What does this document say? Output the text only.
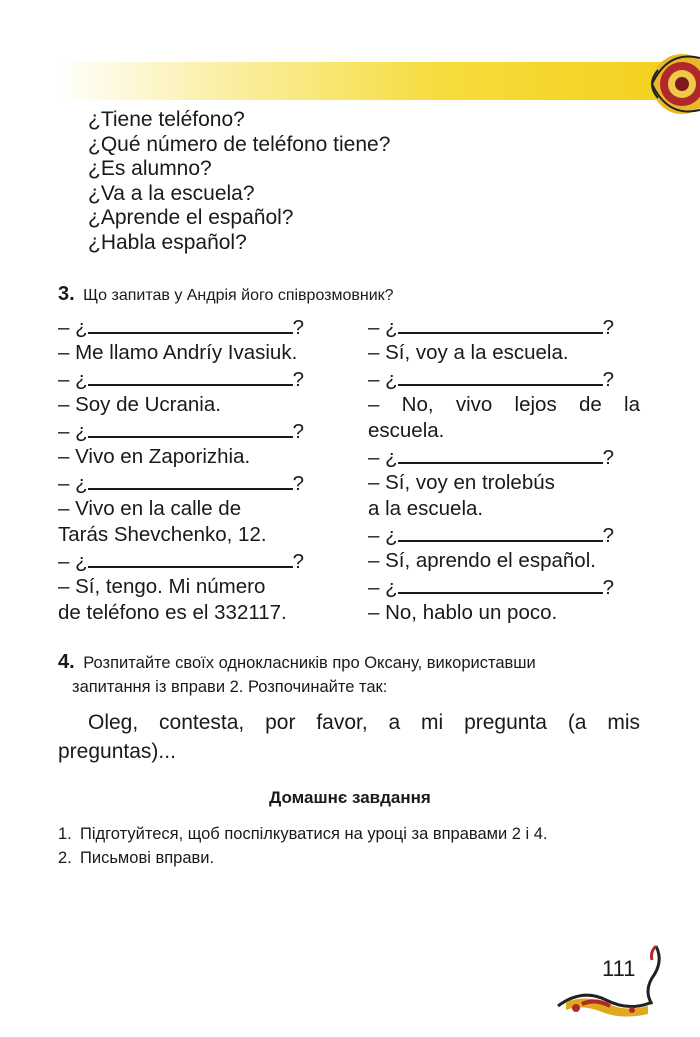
¿Tiene teléfono?
¿Qué número de teléfono tiene?
¿Es alumno?
¿Va a la escuela?
¿Aprende el español?
¿Habla español?
3. Що запитав у Андрія його співрозмовник?
– ¿	?
– Me llamo Andríy Ivasiuk.
– ¿	?
– Soy de Ucrania.
– ¿	?
– Vivo en Zaporizhia.
– ¿	?
– Vivo en la calle de
Tarás Shevchenko, 12.
– ¿	?
– Sí, tengo. Mi número
de teléfono es el 332117.
– ¿	?
– Sí, voy a la escuela.
– ¿	?
– No, vivo lejos de la
escuela.
– ¿	?
– Sí, voy en trolebús
a la escuela.
– ¿	?
– Sí, aprendo el español.
– ¿	?
– No, hablo un poco.
4. Розпитайте своїх однокласників про Оксану, використавши
запитання із вправи 2. Розпочинайте так:
Oleg, contesta, por favor, a mi pregunta (a mis preguntas)...
Домашнє завдання
1. Підготуйтеся, щоб поспілкуватися на уроці за вправами 2 і 4.
2. Письмові вправи.
111
